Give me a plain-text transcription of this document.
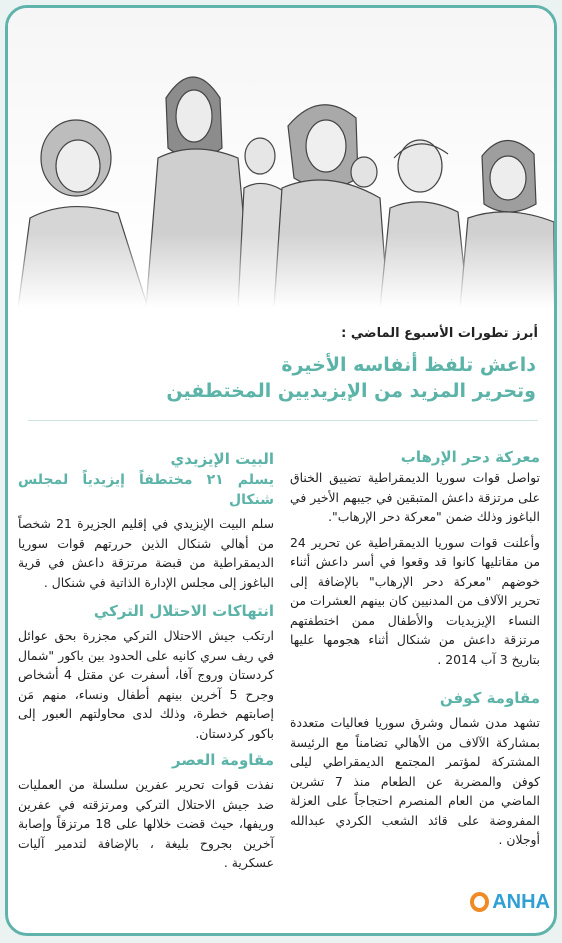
أبرز تطورات الأسبوع الماضي :
داعش تلفظ أنفاسه الأخيرة
وتحرير المزيد من الإيزيديين المختطفين

معركة دحر الإرهاب

تواصل قوات سوريا الديمقراطية تضييق الخناق على مرتزقة داعش المتبقين في جيبهم الأخير في الباغوز وذلك ضمن "معركة دحر الإرهاب".

وأعلنت قوات سوريا الديمقراطية عن تحرير 24 من مقاتليها كانوا قد وقعوا في أسر داعش أثناء خوضهم "معركة دحر الإرهاب" بالإضافة إلى تحرير الآلاف من المدنيين كان بينهم العشرات من النساء الإيزيديات والأطفال ممن اختطفتهم مرتزقة داعش من شنكال أثناء هجومها عليها بتاريخ 3 آب 2014 .

مقاومة كوفن

تشهد مدن شمال وشرق سوريا فعاليات متعددة بمشاركة الآلاف من الأهالي تضامناً مع الرئيسة المشتركة لمؤتمر المجتمع الديمقراطي ليلى كوفن والمضربة عن الطعام منذ 7 تشرين الماضي من العام المنصرم احتجاجاً على العزلة المفروضة على قائد الشعب الكردي عبدالله أوجلان .

البيت الإيزيدي

يسلم ٢١ مختطفاً إيزيدياً لمجلس شنكال

سلم البيت الإيزيدي في إقليم الجزيرة 21 شخصاً من أهالي شنكال الذين حررتهم قوات سوريا الديمقراطية من قبضة مرتزقة داعش في قرية الباغوز إلى مجلس الإدارة الذاتية في شنكال .

انتهاكات الاحتلال التركي

ارتكب جيش الاحتلال التركي مجزرة بحق عوائل في ريف سري كانيه على الحدود بين باكور "شمال كردستان وروج آفا، أسفرت عن مقتل 4 أشخاص وجرح 5 آخرين بينهم أطفال ونساء، منهم مَن إصابتهم خطرة، وذلك لدى محاولتهم العبور إلى باكور كردستان.

مقاومة العصر

نفذت قوات تحرير عفرين سلسلة من العمليات ضد جيش الاحتلال التركي ومرتزقته في عفرين وريفها، حيث قضت خلالها على 18 مرتزقاً وإصابة آخرين بجروح بليغة ، بالإضافة لتدمير آليات عسكرية .

ANHA
